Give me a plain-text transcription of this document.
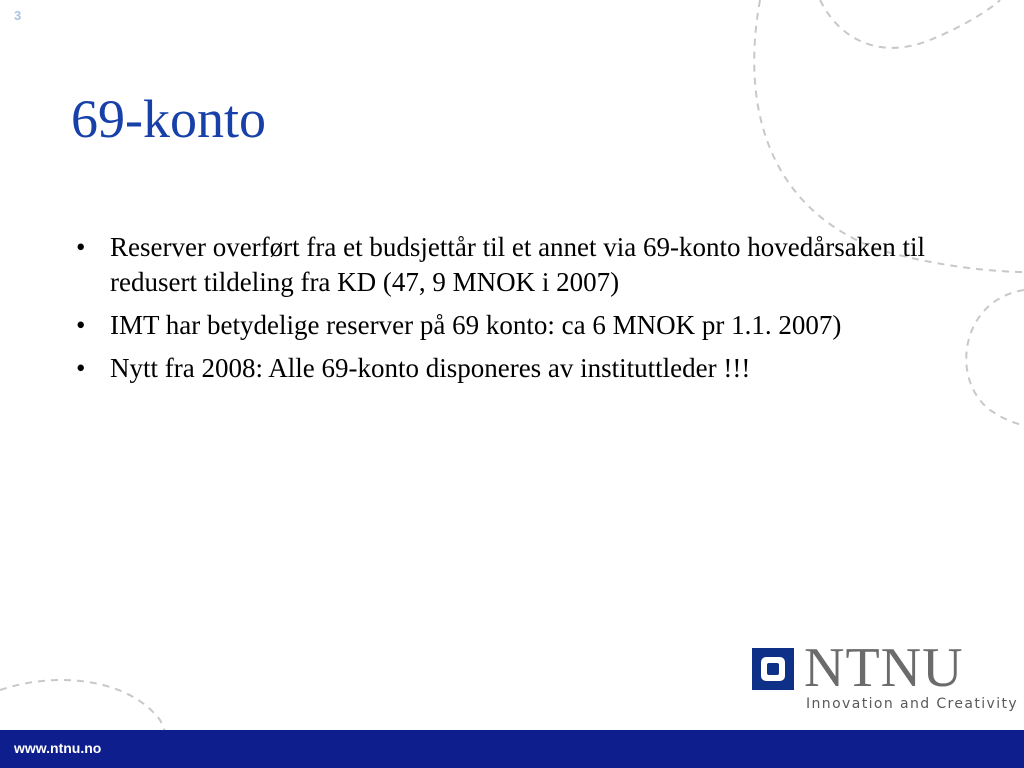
3
69-konto
• Reserver overført fra et budsjettår til et annet via 69-konto hovedårsaken til redusert tildeling fra KD (47, 9 MNOK i 2007)
• IMT har betydelige reserver på 69 konto: ca 6 MNOK pr 1.1. 2007)
• Nytt fra 2008: Alle 69-konto disponeres av instituttleder !!!
NTNU
Innovation and Creativity
www.ntnu.no
